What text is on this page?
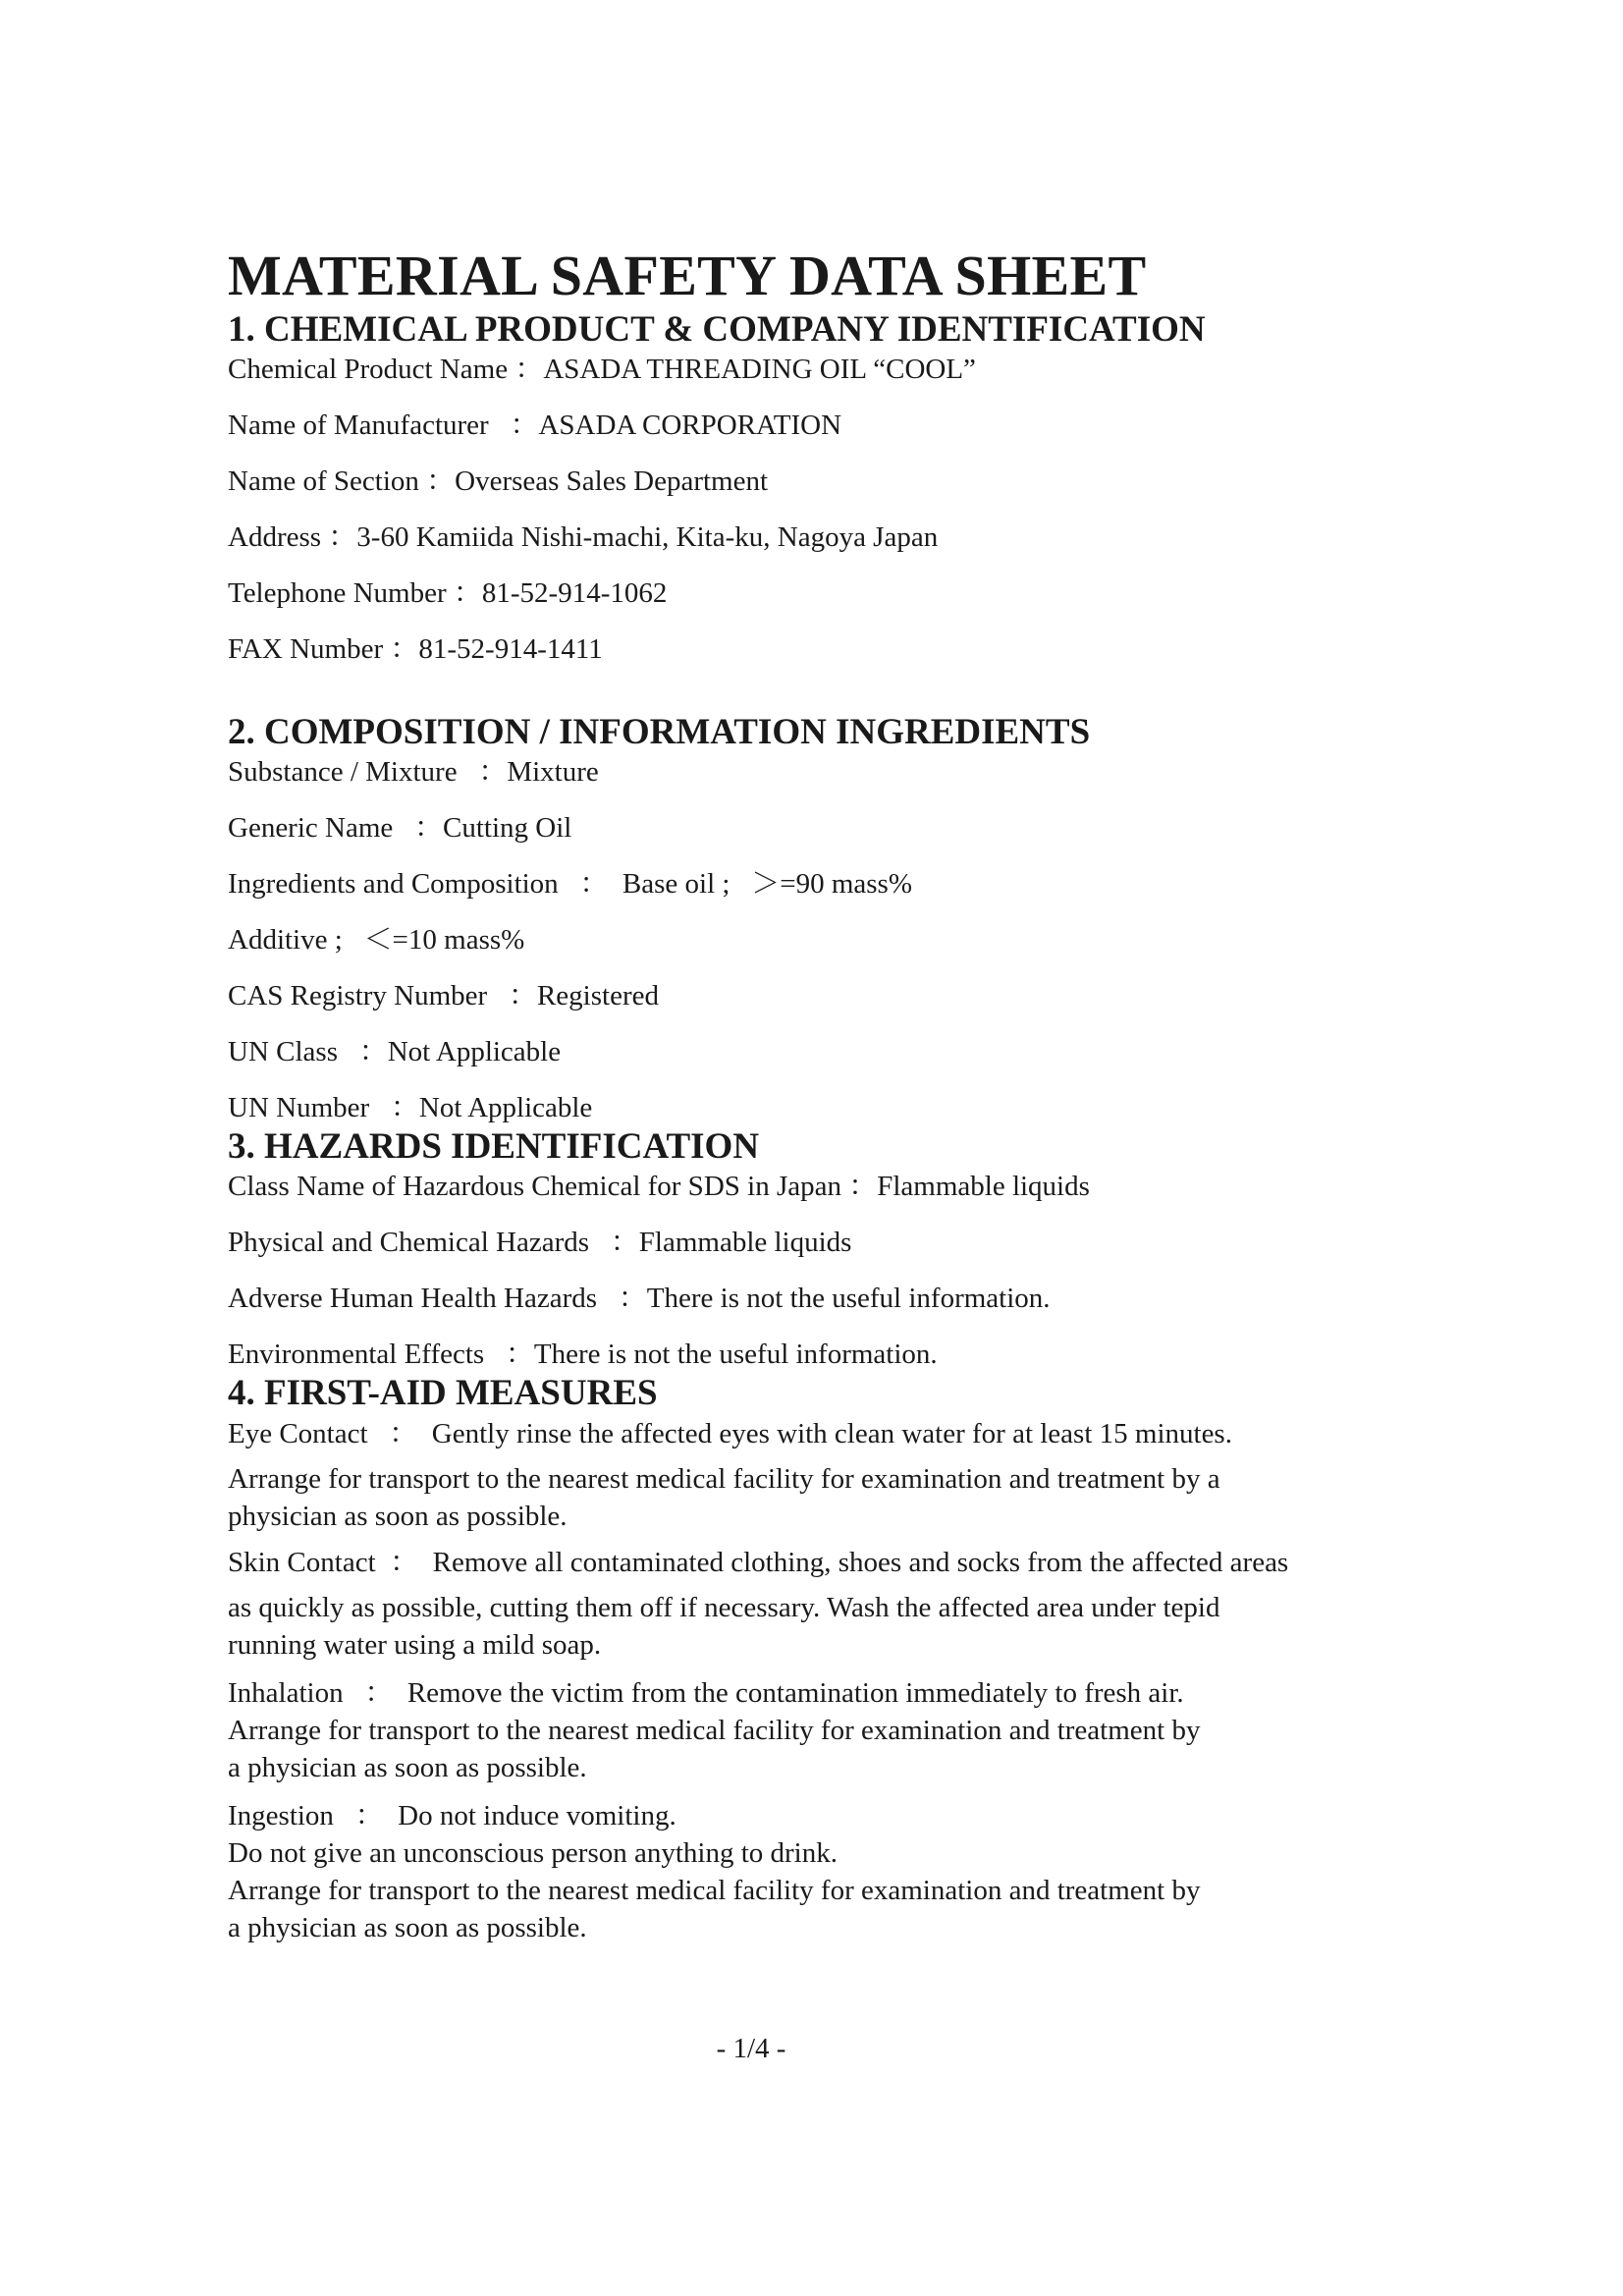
MATERIAL SAFETY DATA SHEET
1. CHEMICAL PRODUCT & COMPANY IDENTIFICATION

Chemical Product Name ：ASADA THREADING OIL “COOL”

Name of Manufacturer   ：ASADA CORPORATION

Name of Section ：Overseas Sales Department

Address ：3-60 Kamiida Nishi-machi, Kita-ku, Nagoya Japan

Telephone Number ：81-52-914-1062

FAX Number ：81-52-914-1411

2. COMPOSITION / INFORMATION INGREDIENTS

Substance / Mixture   ：Mixture

Generic Name   ：Cutting Oil

Ingredients and Composition   ：  Base oil ;   ＞=90 mass%

Additive ;   ＜=10 mass%

CAS Registry Number   ：Registered

UN Class   ：Not Applicable

UN Number   ：Not Applicable

3. HAZARDS IDENTIFICATION

Class Name of Hazardous Chemical for SDS in Japan ：Flammable liquids

Physical and Chemical Hazards   ：Flammable liquids

Adverse Human Health Hazards   ：There is not the useful information.

Environmental Effects   ：There is not the useful information.

4. FIRST-AID MEASURES

Eye Contact   ：  Gently rinse the affected eyes with clean water for at least 15 minutes.

Arrange for transport to the nearest medical facility for examination and treatment by a

physician as soon as possible.

Skin Contact  ：  Remove all contaminated clothing, shoes and socks from the affected areas

as quickly as possible, cutting them off if necessary. Wash the affected area under tepid

running water using a mild soap.

Inhalation   ：  Remove the victim from the contamination immediately to fresh air.

Arrange for transport to the nearest medical facility for examination and treatment by

a physician as soon as possible.

Ingestion   ：  Do not induce vomiting.

Do not give an unconscious person anything to drink.

Arrange for transport to the nearest medical facility for examination and treatment by

a physician as soon as possible.

- 1/4 -
